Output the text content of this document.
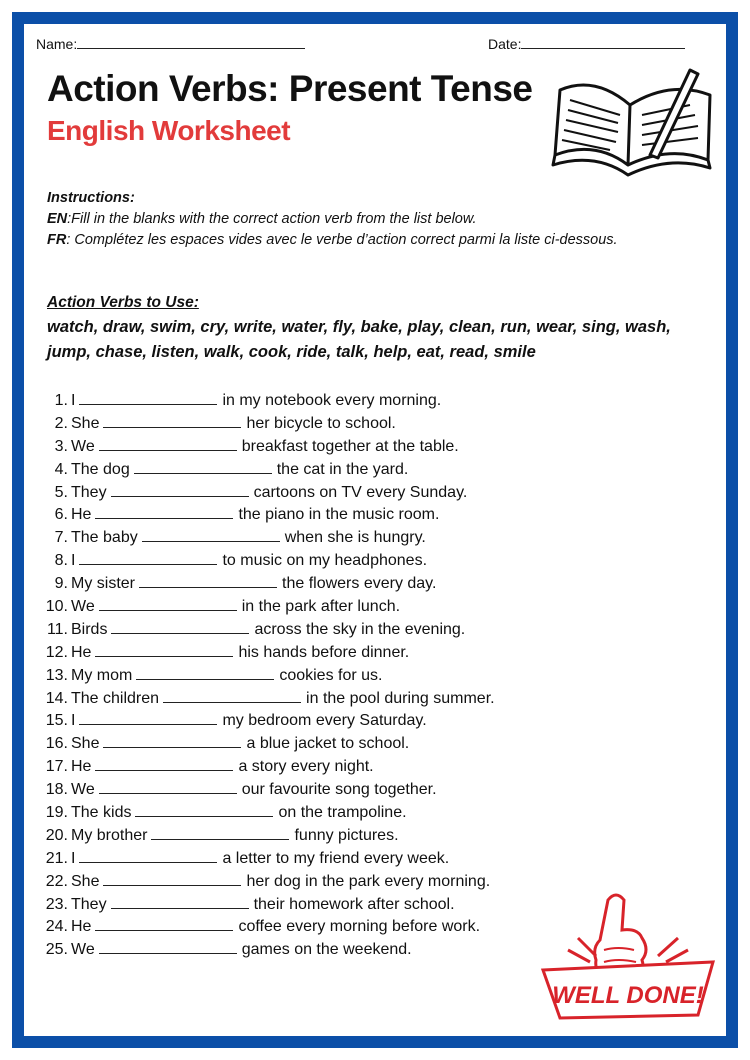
Name:	Date:
Action Verbs: Present Tense
English Worksheet
Instructions:
EN:Fill in the blanks with the correct action verb from the list below.
FR: Complétez les espaces vides avec le verbe d’action correct parmi la liste ci-dessous.
Action Verbs to Use:
watch, draw, swim, cry, write, water, fly, bake, play, clean, run, wear, sing, wash, jump, chase, listen, walk, cook, ride, talk, help, eat, read, smile
1. I	in my notebook every morning.
2. She	her bicycle to school.
3. We	breakfast together at the table.
4. The dog	the cat in the yard.
5. They	cartoons on TV every Sunday.
6. He	the piano in the music room.
7. The baby	when she is hungry.
8. I	to music on my headphones.
9. My sister	the flowers every day.
10. We	in the park after lunch.
11. Birds	across the sky in the evening.
12. He	his hands before dinner.
13. My mom	cookies for us.
14. The children	in the pool during summer.
15. I	my bedroom every Saturday.
16. She	a blue jacket to school.
17. He	a story every night.
18. We	our favourite song together.
19. The kids	on the trampoline.
20. My brother	funny pictures.
21. I	a letter to my friend every week.
22. She	her dog in the park every morning.
23. They	their homework after school.
24. He	coffee every morning before work.
25. We	games on the weekend.
WELL DONE!
